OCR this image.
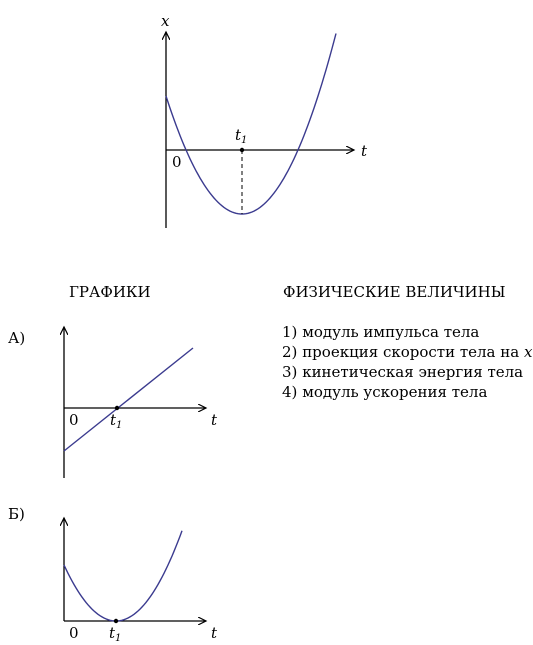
x
t
0
$t_1$
t
0 $t_1$
t
0 $t_1$
ГРАФИКИ	ФИЗИЧЕСКИЕ ВЕЛИЧИНЫ
А)
Б)
1) модуль импульса тела
2) проекция скорости тела на x
3) кинетическая энергия тела
4) модуль ускорения тела
